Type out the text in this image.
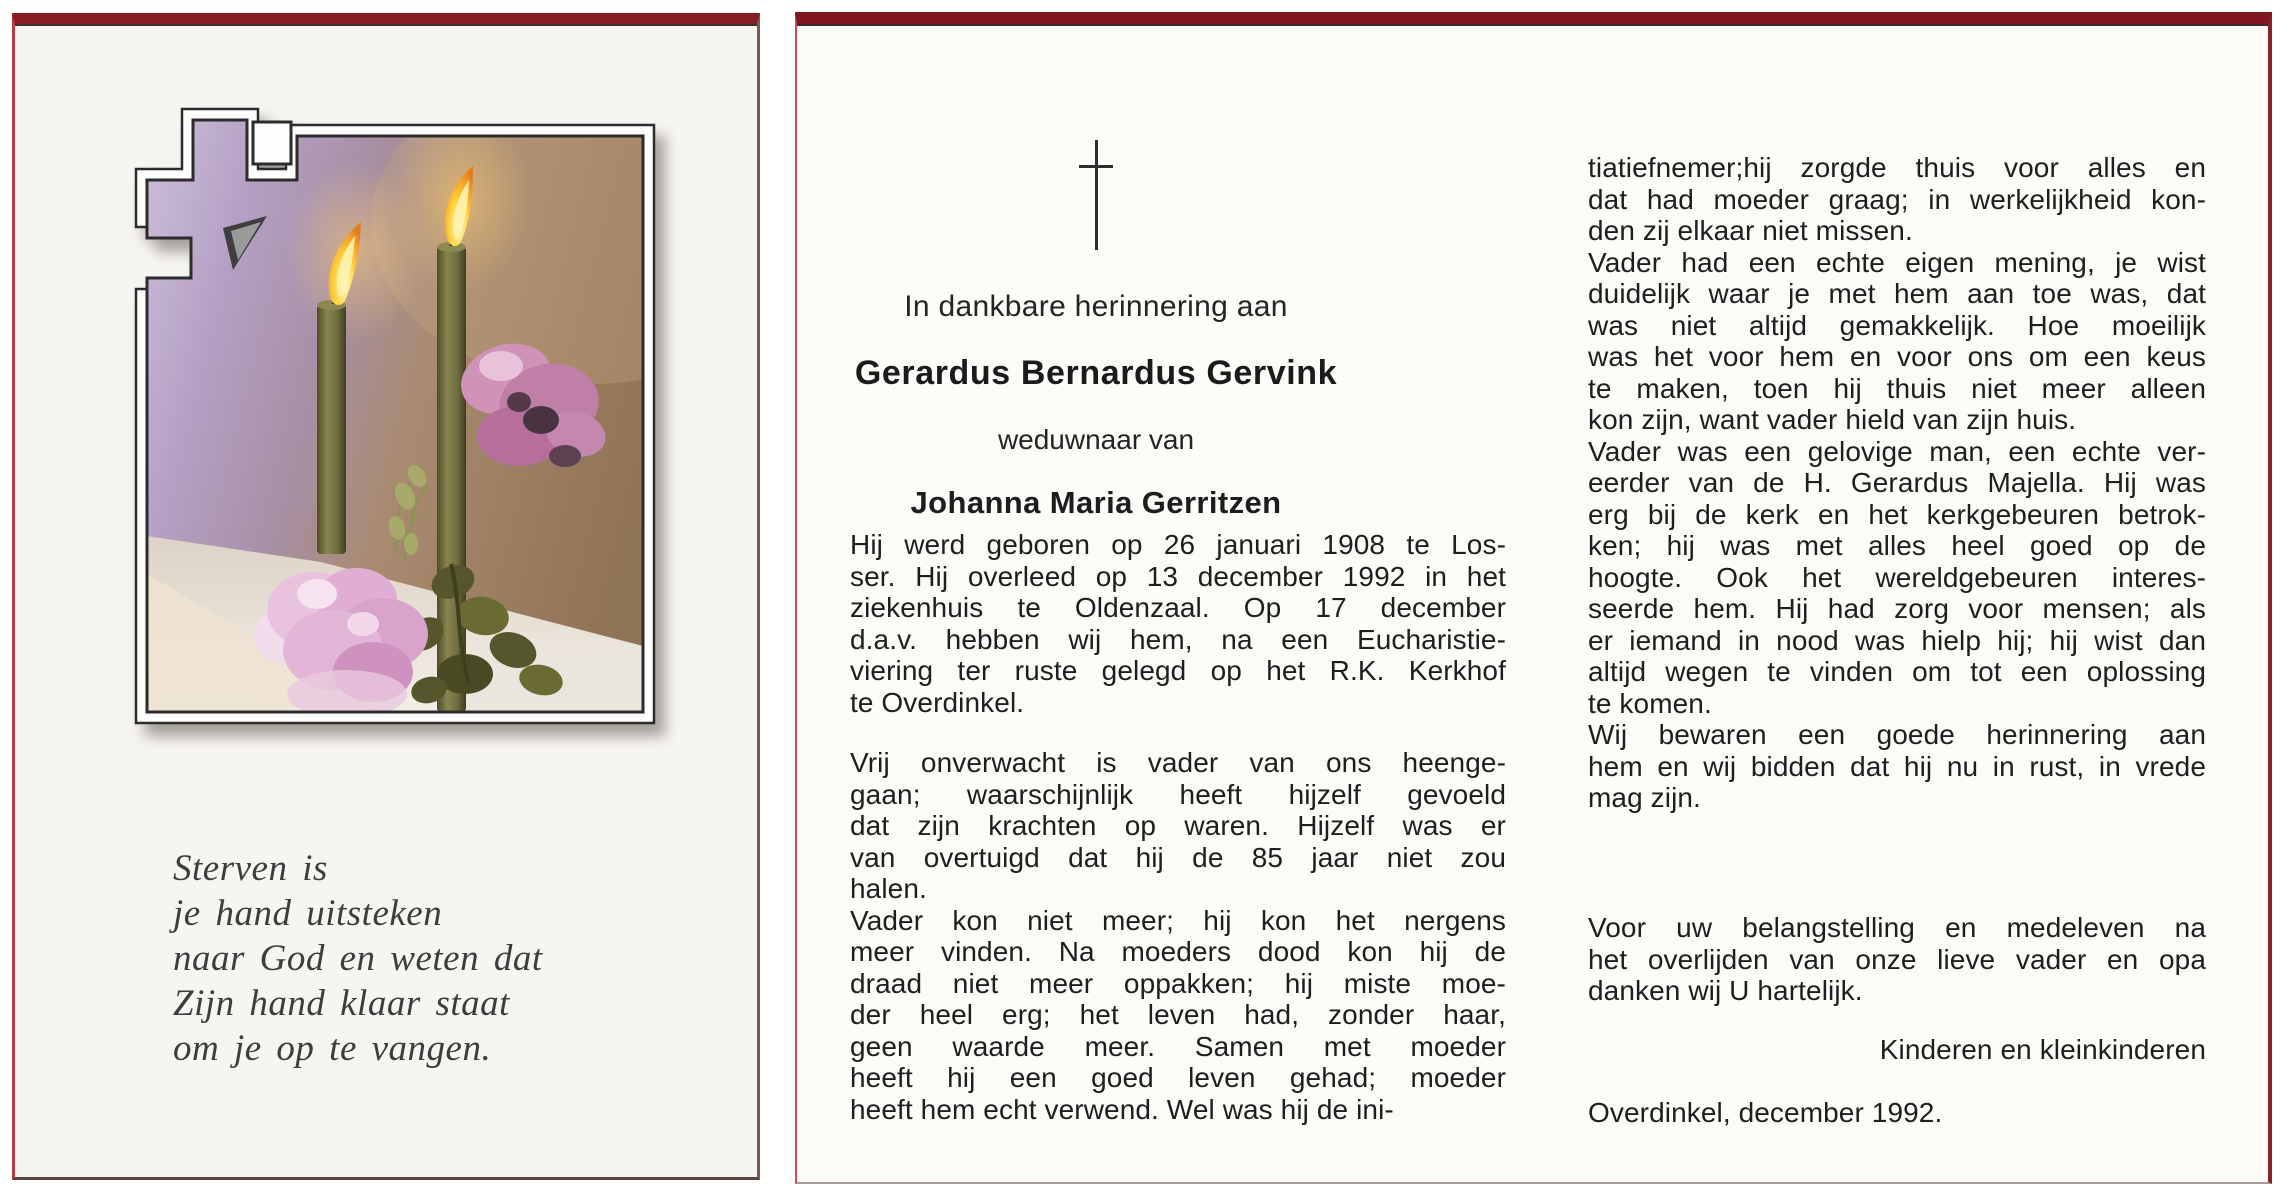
Sterven is
je hand uitsteken
naar God en weten dat
Zijn hand klaar staat
om je op te vangen.
In dankbare herinnering aan
Gerardus Bernardus Gervink
weduwnaar van
Johanna Maria Gerritzen
Hij werd geboren op 26 januari 1908 te Los-
ser. Hij overleed op 13 december 1992 in het
ziekenhuis te Oldenzaal. Op 17 december
d.a.v. hebben wij hem, na een Eucharistie-
viering ter ruste gelegd op het R.K. Kerkhof
te Overdinkel.
Vrij onverwacht is vader van ons heenge-
gaan; waarschijnlijk heeft hijzelf gevoeld
dat zijn krachten op waren. Hijzelf was er
van overtuigd dat hij de 85 jaar niet zou
halen.
Vader kon niet meer; hij kon het nergens
meer vinden. Na moeders dood kon hij de
draad niet meer oppakken; hij miste moe-
der heel erg; het leven had, zonder haar,
geen waarde meer. Samen met moeder
heeft hij een goed leven gehad; moeder
heeft hem echt verwend. Wel was hij de ini-
tiatiefnemer;hij zorgde thuis voor alles en
dat had moeder graag; in werkelijkheid kon-
den zij elkaar niet missen.
Vader had een echte eigen mening, je wist
duidelijk waar je met hem aan toe was, dat
was niet altijd gemakkelijk. Hoe moeilijk
was het voor hem en voor ons om een keus
te maken, toen hij thuis niet meer alleen
kon zijn, want vader hield van zijn huis.
Vader was een gelovige man, een echte ver-
eerder van de H. Gerardus Majella. Hij was
erg bij de kerk en het kerkgebeuren betrok-
ken; hij was met alles heel goed op de
hoogte. Ook het wereldgebeuren interes-
seerde hem. Hij had zorg voor mensen; als
er iemand in nood was hielp hij; hij wist dan
altijd wegen te vinden om tot een oplossing
te komen.
Wij bewaren een goede herinnering aan
hem en wij bidden dat hij nu in rust, in vrede
mag zijn.
Voor uw belangstelling en medeleven na
het overlijden van onze lieve vader en opa
danken wij U hartelijk.
Kinderen en kleinkinderen
Overdinkel, december 1992.
